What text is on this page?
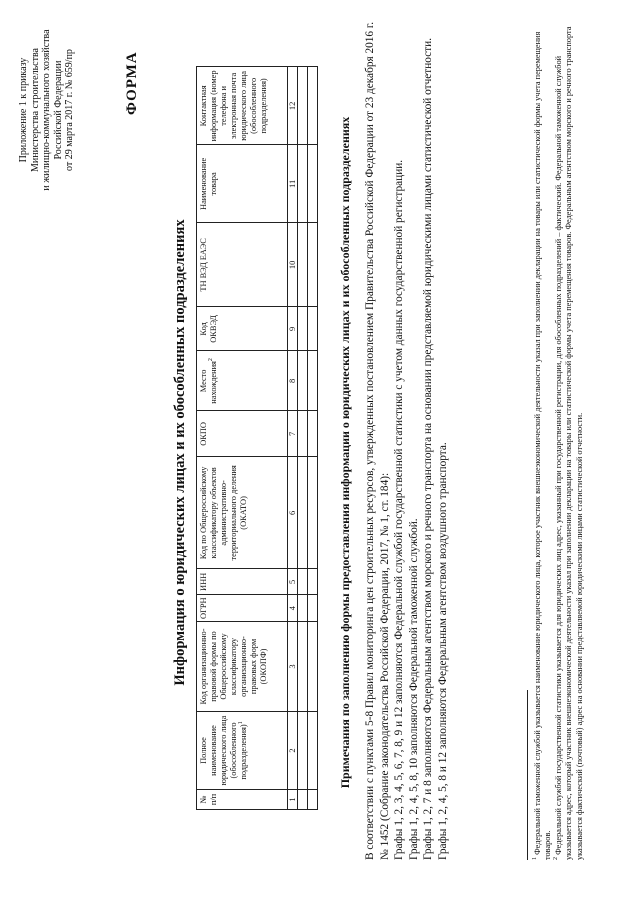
Приложение 1 к приказу Министерства строительства и жилищно-коммунального хозяйства Российской Федерации от 29 марта 2017 г. № 659/пр	ФОРМА
Информация о юридических лицах и их обособленных подразделениях
№ п/п	Полное наименование юридического лица (обособленного подразделения)$^1$	Код организационно-правовой формы по Общероссийскому классификатору организационно-правовых форм (ОКОПФ)	ОГРН	ИНН	Код по Общероссийскому классификатору объектов административно-территориального деления (ОКАТО)	ОКПО	Место нахождения$^2$	Код ОКВЭД	ТН ВЭД ЕАЭС	Наименование товара	Контактная информация (номер телефона и электронная почта юридического лица (обособленного подразделения)
1	2	3	4	5	6	7	8	9	10	11	12

Примечания по заполнению формы предоставления информации о юридических лицах и их обособленных подразделениях В соответствии с пунктами 5-8 Правил мониторинга цен строительных ресурсов, утвержденных постановлением Правительства Российской Федерации от 23 декабря 2016 г. № 1452 (Собрание законодательства Российской Федерации, 2017, № 1, ст. 184): Графы 1, 2, 3, 4, 5, 6, 7, 8, 9 и 12 заполняются Федеральной службой государственной статистики с учетом данных государственной регистрации. Графы 1, 2, 4, 5, 8, 10 заполняются Федеральной таможенной службой. Графы 1, 2, 7 и 8 заполняются Федеральным агентством морского и речного транспорта на основании представляемой юридическими лицами статистической отчетности. Графы 1, 2, 4, 5, 8 и 12 заполняются Федеральным агентством воздушного транспорта.	$^1$ Федеральной таможенной службой указывается наименование юридического лица, которое участник внешнеэкономической деятельности указал при заполнении декларации на товары или статистической формы учета перемещения товаров. $^2$ Федеральной службой государственной статистики указывается для юридических лиц адрес, указанный при государственной регистрации, для обособленных подразделений – фактический. Федеральной таможенной службой указывается адрес, который участник внешнеэкономической деятельности указал при заполнении декларации на товары или статистической формы учета перемещения товаров. Федеральным агентством морского и речного транспорта указывается фактический (почтовый) адрес на основании представляемой юридическими лицами статистической отчетности.
